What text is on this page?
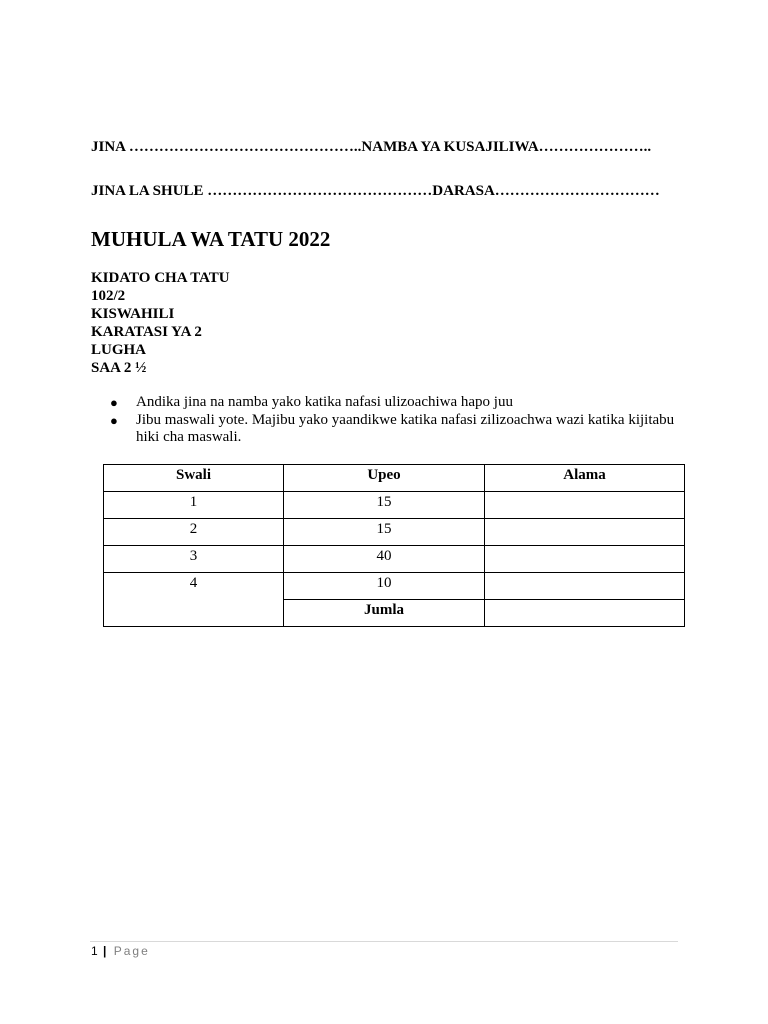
JINA ………………………………………..NAMBA YA KUSAJILIWA…………………..
JINA LA SHULE ………………………………………DARASA……………………………
MUHULA WA TATU 2022
KIDATO CHA TATU
102/2
KISWAHILI
KARATASI YA 2
LUGHA
SAA 2 ½
● Andika jina na namba yako katika nafasi ulizoachiwa hapo juu
● Jibu maswali yote. Majibu yako yaandikwe katika nafasi zilizoachwa wazi katika kijitabu hiki cha maswali.
Swali	Upeo	Alama
1	15	
2	15	
3	40	
4	10	
	Jumla	
1 | Page
